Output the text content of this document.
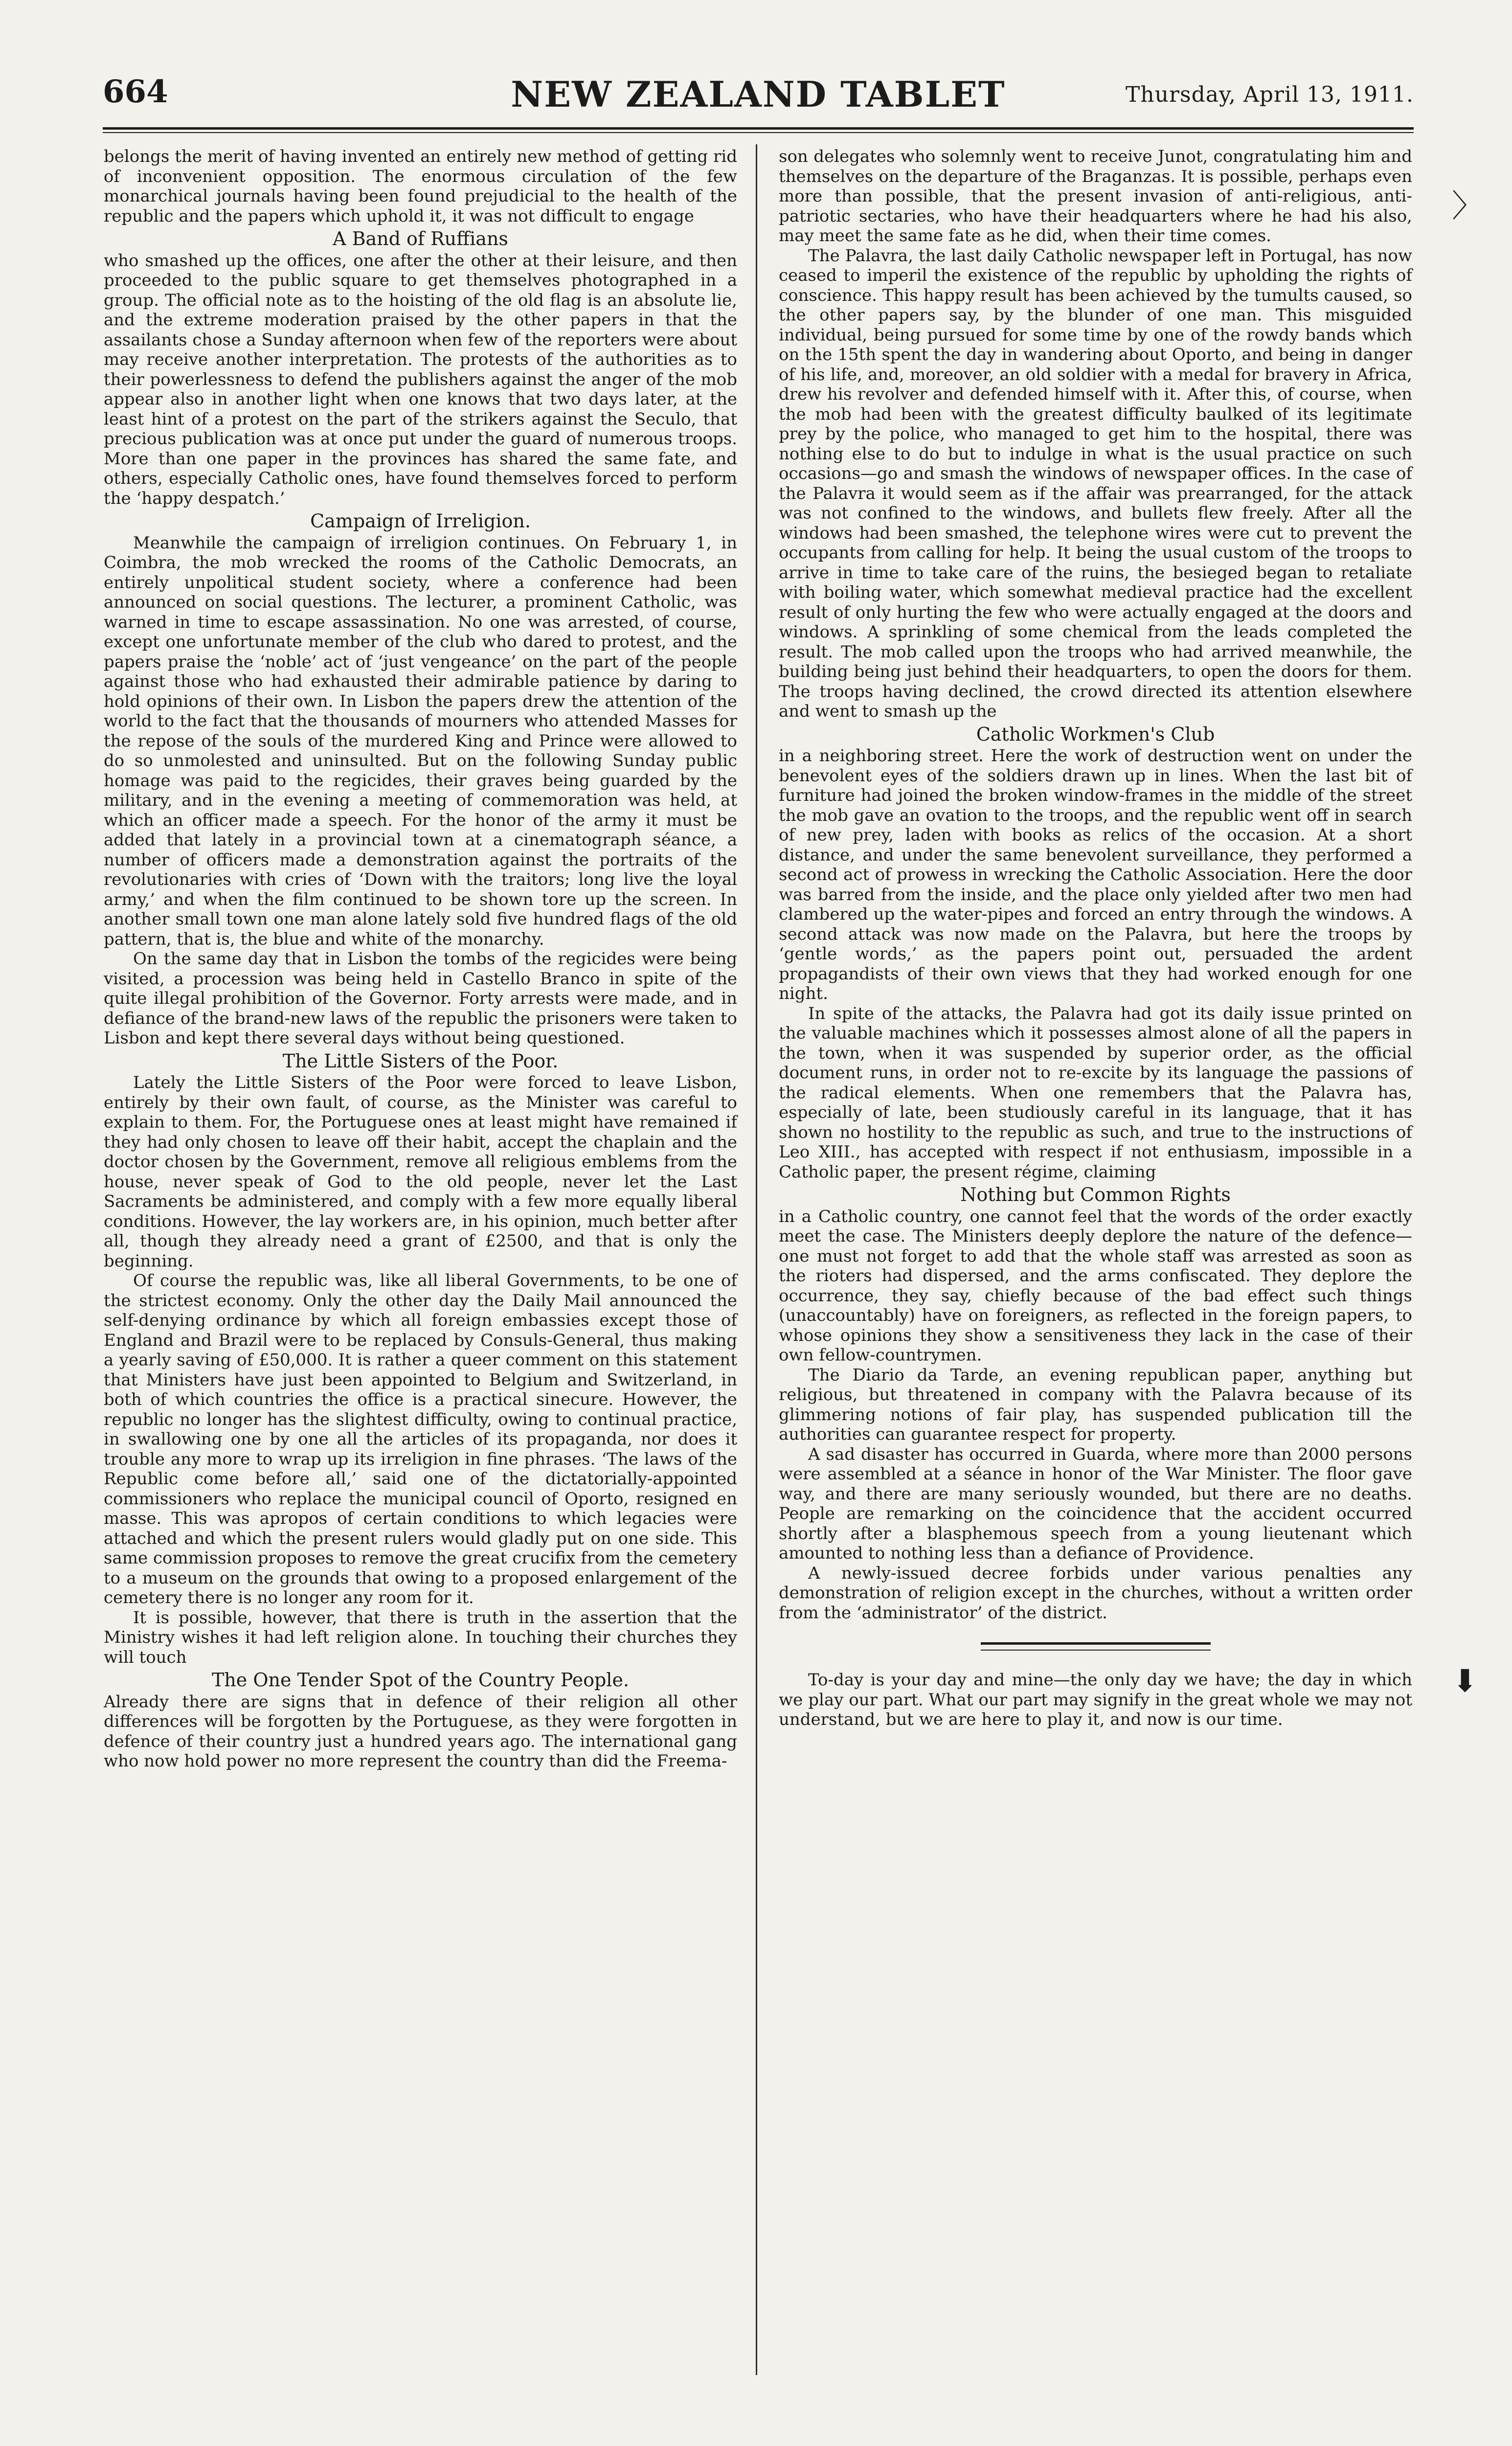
664	NEW ZEALAND TABLET	Thursday, April 13, 1911.

belongs the merit of having invented an entirely new method of getting rid of inconvenient opposition. The enormous circulation of the few monarchical journals having been found prejudicial to the health of the republic and the papers which uphold it, it was not difficult to engage

A Band of Ruffians

who smashed up the offices, one after the other at their leisure, and then proceeded to the public square to get themselves photographed in a group. The official note as to the hoisting of the old flag is an absolute lie, and the extreme moderation praised by the other papers in that the assailants chose a Sunday afternoon when few of the reporters were about may receive another interpretation. The protests of the authorities as to their powerlessness to defend the publishers against the anger of the mob appear also in another light when one knows that two days later, at the least hint of a protest on the part of the strikers against the Seculo, that precious publication was at once put under the guard of numerous troops. More than one paper in the provinces has shared the same fate, and others, especially Catholic ones, have found themselves forced to perform the ‘happy despatch.’

Campaign of Irreligion.

Meanwhile the campaign of irreligion continues. On February 1, in Coimbra, the mob wrecked the rooms of the Catholic Democrats, an entirely unpolitical student society, where a conference had been announced on social questions. The lecturer, a prominent Catholic, was warned in time to escape assassination. No one was arrested, of course, except one unfortunate member of the club who dared to protest, and the papers praise the ‘noble’ act of ‘just vengeance’ on the part of the people against those who had exhausted their admirable patience by daring to hold opinions of their own. In Lisbon the papers drew the attention of the world to the fact that the thousands of mourners who attended Masses for the repose of the souls of the murdered King and Prince were allowed to do so unmolested and uninsulted. But on the following Sunday public homage was paid to the regicides, their graves being guarded by the military, and in the evening a meeting of commemoration was held, at which an officer made a speech. For the honor of the army it must be added that lately in a provincial town at a cinematograph séance, a number of officers made a demonstration against the portraits of the revolutionaries with cries of ‘Down with the traitors; long live the loyal army,’ and when the film continued to be shown tore up the screen. In another small town one man alone lately sold five hundred flags of the old pattern, that is, the blue and white of the monarchy.

On the same day that in Lisbon the tombs of the regicides were being visited, a procession was being held in Castello Branco in spite of the quite illegal prohibition of the Governor. Forty arrests were made, and in defiance of the brand-new laws of the republic the prisoners were taken to Lisbon and kept there several days without being questioned.

The Little Sisters of the Poor.

Lately the Little Sisters of the Poor were forced to leave Lisbon, entirely by their own fault, of course, as the Minister was careful to explain to them. For, the Portuguese ones at least might have remained if they had only chosen to leave off their habit, accept the chaplain and the doctor chosen by the Government, remove all religious emblems from the house, never speak of God to the old people, never let the Last Sacraments be administered, and comply with a few more equally liberal conditions. However, the lay workers are, in his opinion, much better after all, though they already need a grant of £2500, and that is only the beginning.

Of course the republic was, like all liberal Governments, to be one of the strictest economy. Only the other day the Daily Mail announced the self-denying ordinance by which all foreign embassies except those of England and Brazil were to be replaced by Consuls-General, thus making a yearly saving of £50,000. It is rather a queer comment on this statement that Ministers have just been appointed to Belgium and Switzerland, in both of which countries the office is a practical sinecure. However, the republic no longer has the slightest difficulty, owing to continual practice, in swallowing one by one all the articles of its propaganda, nor does it trouble any more to wrap up its irreligion in fine phrases. ‘The laws of the Republic come before all,’ said one of the dictatorially-appointed commissioners who replace the municipal council of Oporto, resigned en masse. This was apropos of certain conditions to which legacies were attached and which the present rulers would gladly put on one side. This same commission proposes to remove the great crucifix from the cemetery to a museum on the grounds that owing to a proposed enlargement of the cemetery there is no longer any room for it.

It is possible, however, that there is truth in the assertion that the Ministry wishes it had left religion alone. In touching their churches they will touch

The One Tender Spot of the Country People.

Already there are signs that in defence of their religion all other differences will be forgotten by the Portuguese, as they were forgotten in defence of their country just a hundred years ago. The international gang who now hold power no more represent the country than did the Freema-

son delegates who solemnly went to receive Junot, congratulating him and themselves on the departure of the Braganzas. It is possible, perhaps even more than possible, that the present invasion of anti-religious, anti-patriotic sectaries, who have their headquarters where he had his also, may meet the same fate as he did, when their time comes.

The Palavra, the last daily Catholic newspaper left in Portugal, has now ceased to imperil the existence of the republic by upholding the rights of conscience. This happy result has been achieved by the tumults caused, so the other papers say, by the blunder of one man. This misguided individual, being pursued for some time by one of the rowdy bands which on the 15th spent the day in wandering about Oporto, and being in danger of his life, and, moreover, an old soldier with a medal for bravery in Africa, drew his revolver and defended himself with it. After this, of course, when the mob had been with the greatest difficulty baulked of its legitimate prey by the police, who managed to get him to the hospital, there was nothing else to do but to indulge in what is the usual practice on such occasions—go and smash the windows of newspaper offices. In the case of the Palavra it would seem as if the affair was prearranged, for the attack was not confined to the windows, and bullets flew freely. After all the windows had been smashed, the telephone wires were cut to prevent the occupants from calling for help. It being the usual custom of the troops to arrive in time to take care of the ruins, the besieged began to retaliate with boiling water, which somewhat medieval practice had the excellent result of only hurting the few who were actually engaged at the doors and windows. A sprinkling of some chemical from the leads completed the result. The mob called upon the troops who had arrived meanwhile, the building being just behind their headquarters, to open the doors for them. The troops having declined, the crowd directed its attention elsewhere and went to smash up the

Catholic Workmen's Club

in a neighboring street. Here the work of destruction went on under the benevolent eyes of the soldiers drawn up in lines. When the last bit of furniture had joined the broken window-frames in the middle of the street the mob gave an ovation to the troops, and the republic went off in search of new prey, laden with books as relics of the occasion. At a short distance, and under the same benevolent surveillance, they performed a second act of prowess in wrecking the Catholic Association. Here the door was barred from the inside, and the place only yielded after two men had clambered up the water-pipes and forced an entry through the windows. A second attack was now made on the Palavra, but here the troops by ‘gentle words,’ as the papers point out, persuaded the ardent propagandists of their own views that they had worked enough for one night.

In spite of the attacks, the Palavra had got its daily issue printed on the valuable machines which it possesses almost alone of all the papers in the town, when it was suspended by superior order, as the official document runs, in order not to re-excite by its language the passions of the radical elements. When one remembers that the Palavra has, especially of late, been studiously careful in its language, that it has shown no hostility to the republic as such, and true to the instructions of Leo XIII., has accepted with respect if not enthusiasm, impossible in a Catholic paper, the present régime, claiming

Nothing but Common Rights

in a Catholic country, one cannot feel that the words of the order exactly meet the case. The Ministers deeply deplore the nature of the defence—one must not forget to add that the whole staff was arrested as soon as the rioters had dispersed, and the arms confiscated. They deplore the occurrence, they say, chiefly because of the bad effect such things (unaccountably) have on foreigners, as reflected in the foreign papers, to whose opinions they show a sensitiveness they lack in the case of their own fellow-countrymen.

The Diario da Tarde, an evening republican paper, anything but religious, but threatened in company with the Palavra because of its glimmering notions of fair play, has suspended publication till the authorities can guarantee respect for property.

A sad disaster has occurred in Guarda, where more than 2000 persons were assembled at a séance in honor of the War Minister. The floor gave way, and there are many seriously wounded, but there are no deaths. People are remarking on the coincidence that the accident occurred shortly after a blasphemous speech from a young lieutenant which amounted to nothing less than a defiance of Providence.

A newly-issued decree forbids under various penalties any demonstration of religion except in the churches, without a written order from the ‘administrator’ of the district.

To-day is your day and mine—the only day we have; the day in which we play our part. What our part may signify in the great whole we may not understand, but we are here to play it, and now is our time.

〉
⬇
